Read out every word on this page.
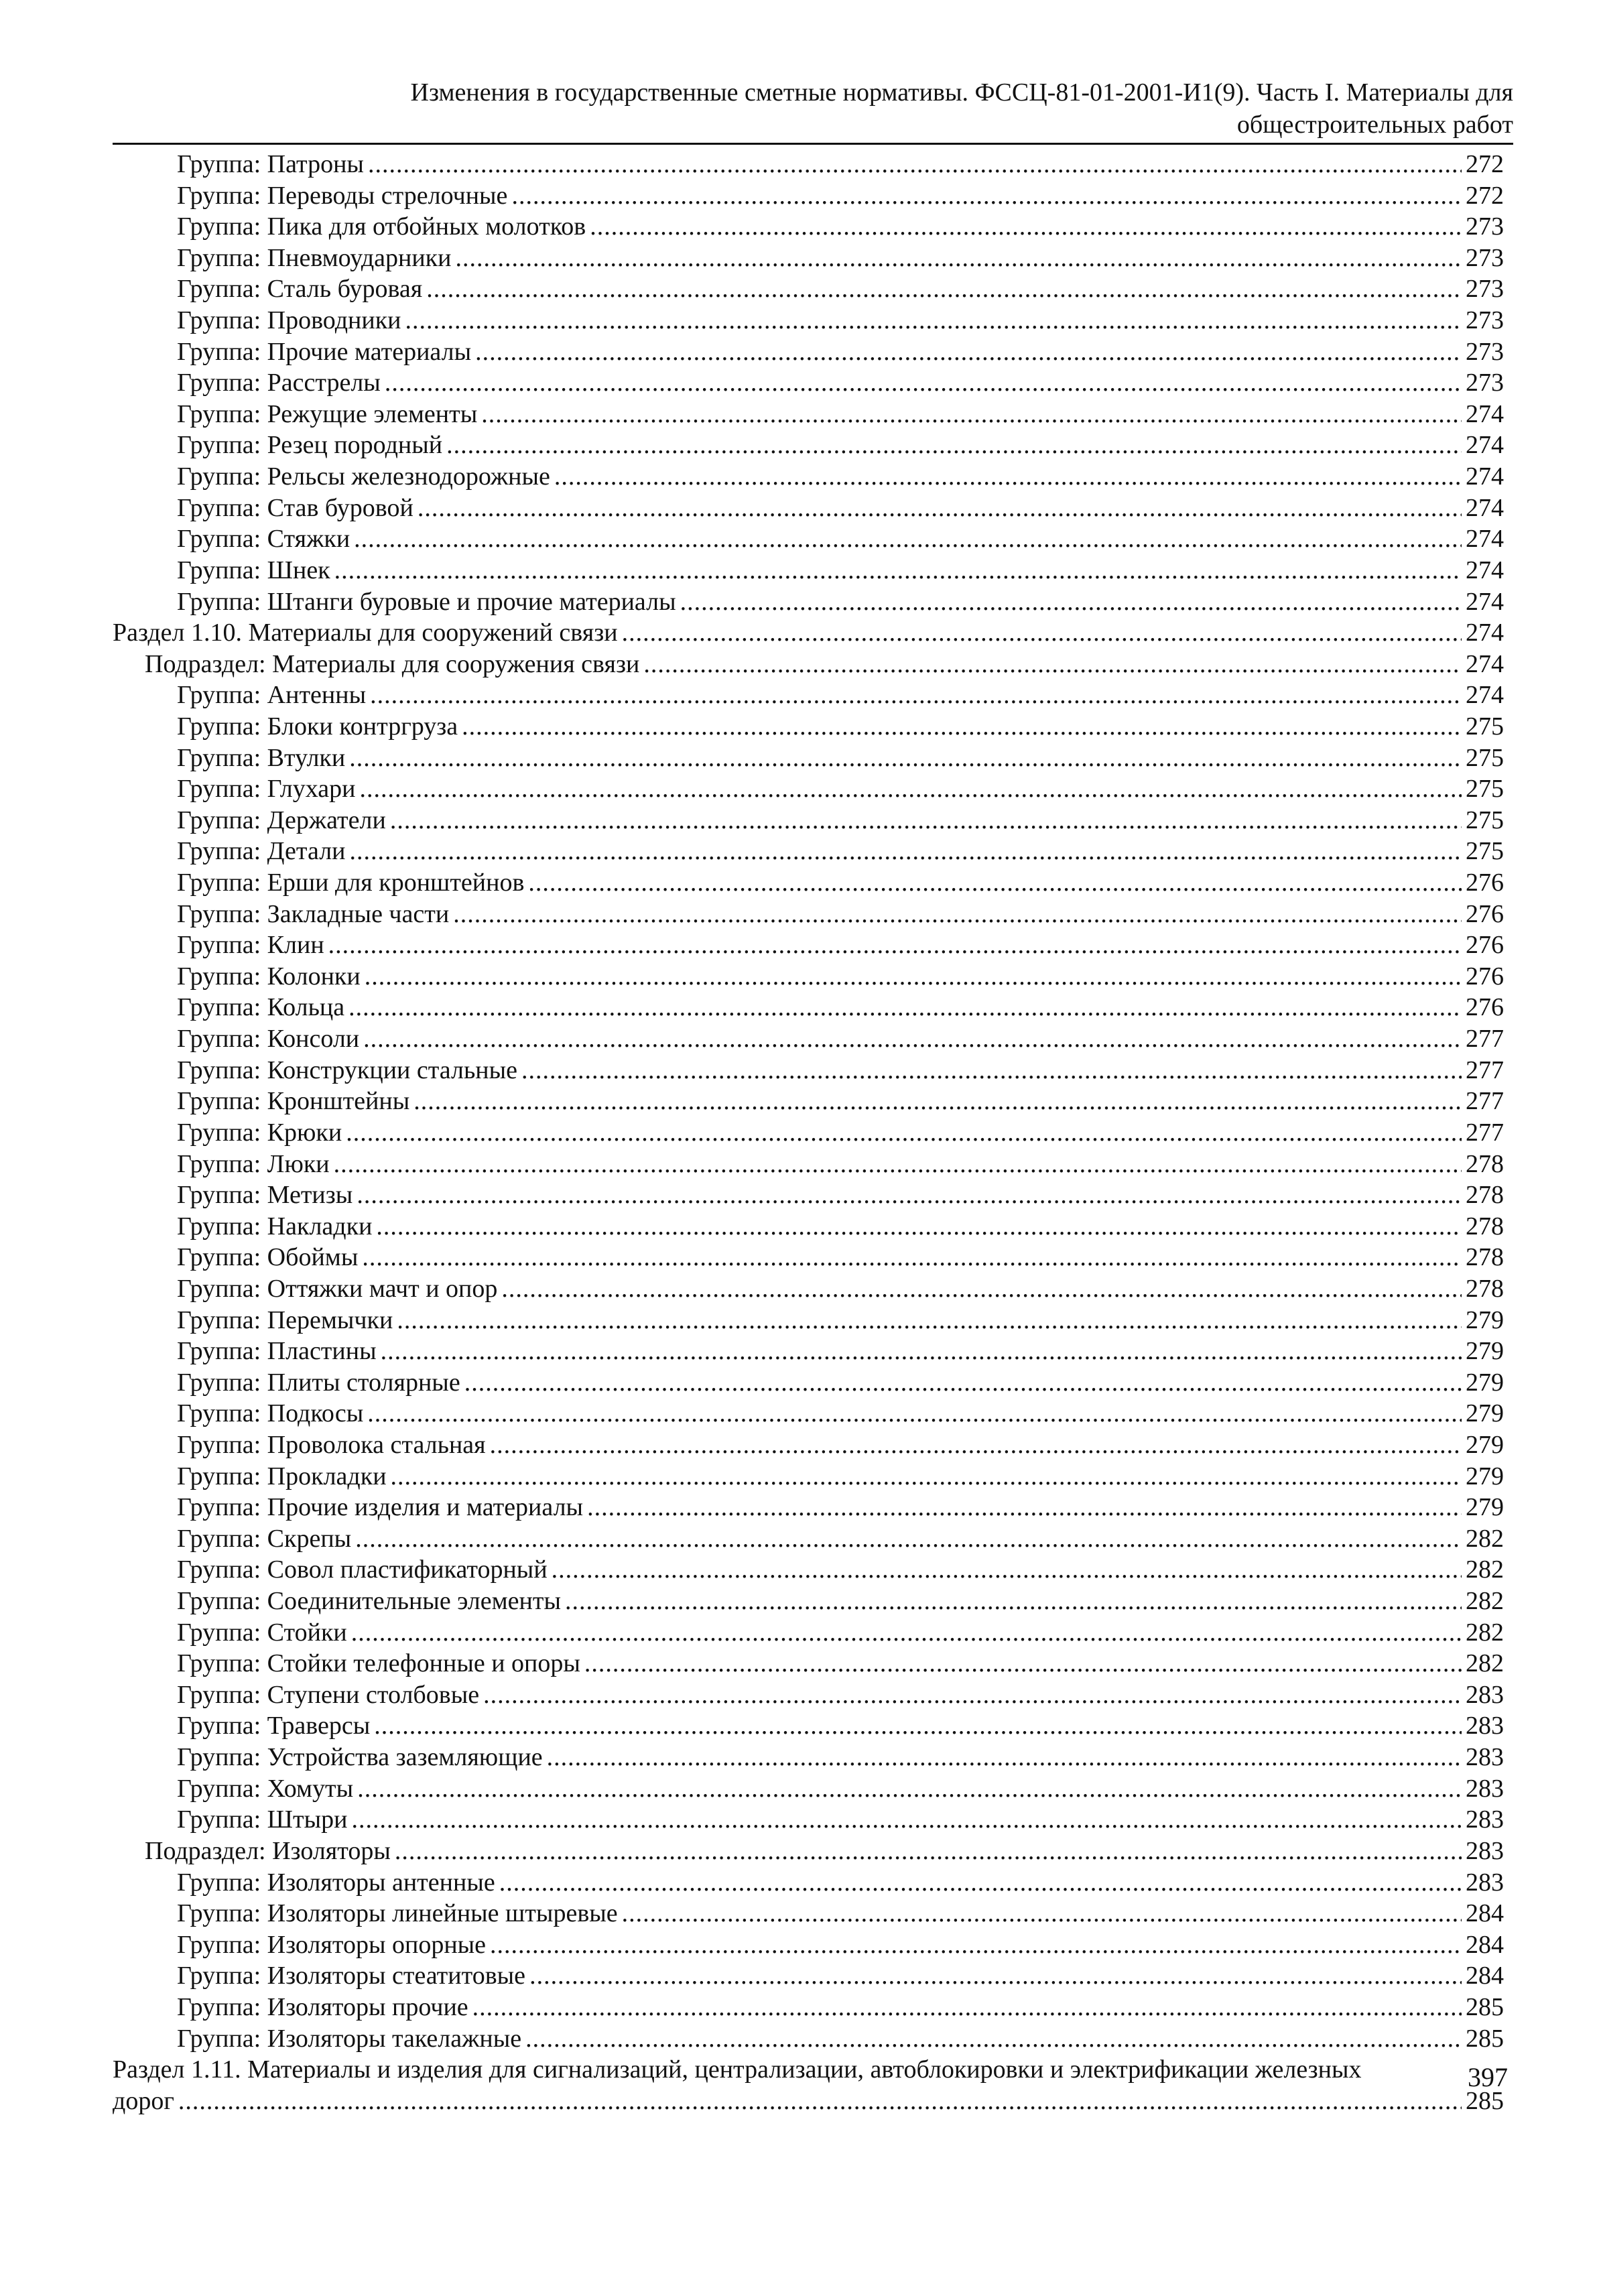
Изменения в государственные сметные нормативы. ФССЦ-81-01-2001-И1(9). Часть I. Материалы для
общестроительных работ
Группа: Патроны .....	272
Группа: Переводы стрелочные .....	272
Группа: Пика для отбойных молотков .....	273
Группа: Пневмоударники .....	273
Группа: Сталь буровая .....	273
Группа: Проводники .....	273
Группа: Прочие материалы .....	273
Группа: Расстрелы .....	273
Группа: Режущие элементы .....	274
Группа: Резец породный .....	274
Группа: Рельсы железнодорожные .....	274
Группа: Став буровой .....	274
Группа: Стяжки .....	274
Группа: Шнек .....	274
Группа: Штанги буровые и прочие материалы .....	274
Раздел 1.10. Материалы для сооружений связи .....	274
Подраздел: Материалы для сооружения связи .....	274
Группа: Антенны .....	274
Группа: Блоки контргруза .....	275
Группа: Втулки .....	275
Группа: Глухари .....	275
Группа: Держатели .....	275
Группа: Детали .....	275
Группа: Ерши для кронштейнов .....	276
Группа: Закладные части .....	276
Группа: Клин .....	276
Группа: Колонки .....	276
Группа: Кольца .....	276
Группа: Консоли .....	277
Группа: Конструкции стальные .....	277
Группа: Кронштейны .....	277
Группа: Крюки .....	277
Группа: Люки .....	278
Группа: Метизы .....	278
Группа: Накладки .....	278
Группа: Обоймы .....	278
Группа: Оттяжки мачт и опор .....	278
Группа: Перемычки .....	279
Группа: Пластины .....	279
Группа: Плиты столярные .....	279
Группа: Подкосы .....	279
Группа: Проволока стальная .....	279
Группа: Прокладки .....	279
Группа: Прочие изделия и материалы .....	279
Группа: Скрепы .....	282
Группа: Совол пластификаторный .....	282
Группа: Соединительные элементы .....	282
Группа: Стойки .....	282
Группа: Стойки телефонные и опоры .....	282
Группа: Ступени столбовые .....	283
Группа: Траверсы .....	283
Группа: Устройства заземляющие .....	283
Группа: Хомуты .....	283
Группа: Штыри .....	283
Подраздел: Изоляторы .....	283
Группа: Изоляторы антенные .....	283
Группа: Изоляторы линейные штыревые .....	284
Группа: Изоляторы опорные .....	284
Группа: Изоляторы стеатитовые .....	284
Группа: Изоляторы прочие .....	285
Группа: Изоляторы такелажные .....	285
Раздел 1.11. Материалы и изделия для сигнализаций, централизации, автоблокировки и электрификации железных
дорог .....	285
397
